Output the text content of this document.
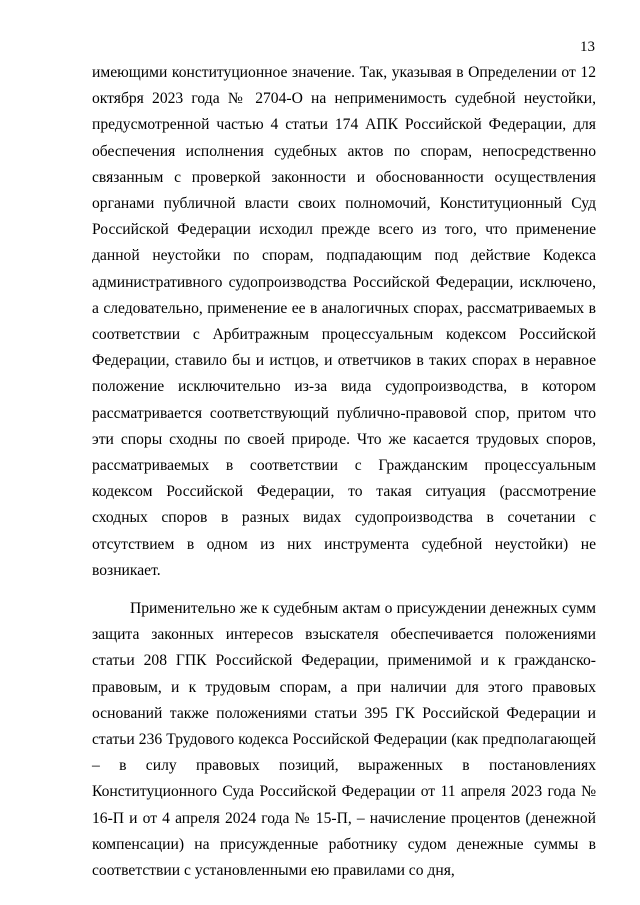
13

имеющими конституционное значение. Так, указывая в Определении от 12 октября 2023 года № 2704-О на неприменимость судебной неустойки, предусмотренной частью 4 статьи 174 АПК Российской Федерации, для обеспечения исполнения судебных актов по спорам, непосредственно связанным с проверкой законности и обоснованности осуществления органами публичной власти своих полномочий, Конституционный Суд Российской Федерации исходил прежде всего из того, что применение данной неустойки по спорам, подпадающим под действие Кодекса административного судопроизводства Российской Федерации, исключено, а следовательно, применение ее в аналогичных спорах, рассматриваемых в соответствии с Арбитражным процессуальным кодексом Российской Федерации, ставило бы и истцов, и ответчиков в таких спорах в неравное положение исключительно из-за вида судопроизводства, в котором рассматривается соответствующий публично-правовой спор, притом что эти споры сходны по своей природе. Что же касается трудовых споров, рассматриваемых в соответствии с Гражданским процессуальным кодексом Российской Федерации, то такая ситуация (рассмотрение сходных споров в разных видах судопроизводства в сочетании с отсутствием в одном из них инструмента судебной неустойки) не возникает.

Применительно же к судебным актам о присуждении денежных сумм защита законных интересов взыскателя обеспечивается положениями статьи 208 ГПК Российской Федерации, применимой и к гражданско-правовым, и к трудовым спорам, а при наличии для этого правовых оснований также положениями статьи 395 ГК Российской Федерации и статьи 236 Трудового кодекса Российской Федерации (как предполагающей – в силу правовых позиций, выраженных в постановлениях Конституционного Суда Российской Федерации от 11 апреля 2023 года № 16-П и от 4 апреля 2024 года № 15-П, – начисление процентов (денежной компенсации) на присужденные работнику судом денежные суммы в соответствии с установленными ею правилами со дня,
